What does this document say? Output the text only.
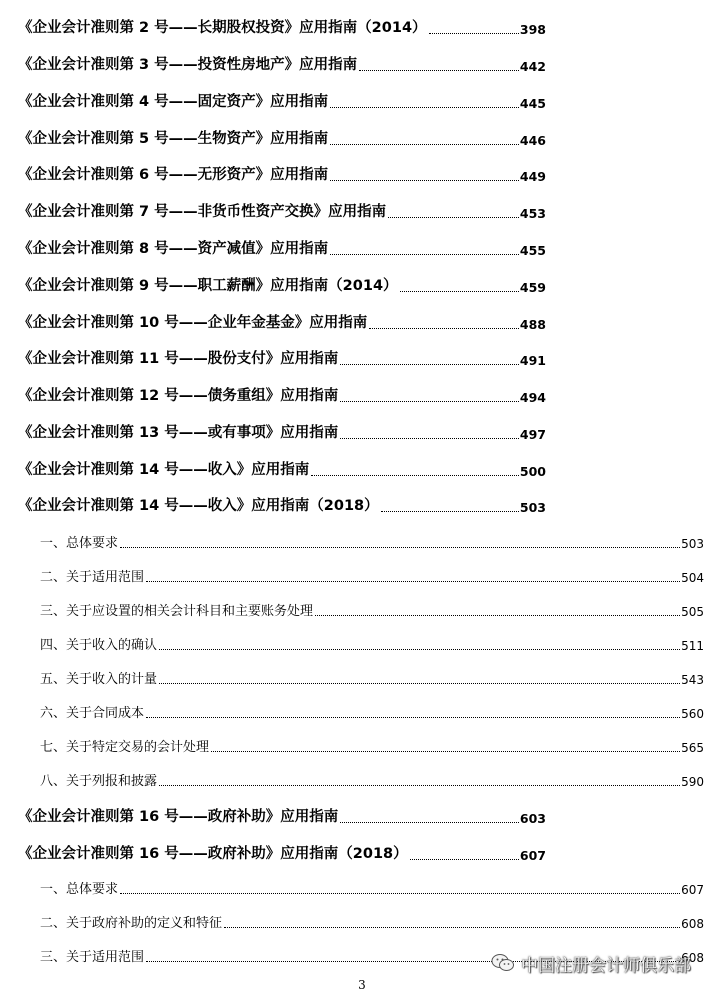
《企业会计准则第 2 号——长期股权投资》应用指南（2014）	398
《企业会计准则第 3 号——投资性房地产》应用指南	442
《企业会计准则第 4 号——固定资产》应用指南	445
《企业会计准则第 5 号——生物资产》应用指南	446
《企业会计准则第 6 号——无形资产》应用指南	449
《企业会计准则第 7 号——非货币性资产交换》应用指南	453
《企业会计准则第 8 号——资产减值》应用指南	455
《企业会计准则第 9 号——职工薪酬》应用指南（2014）	459
《企业会计准则第 10 号——企业年金基金》应用指南	488
《企业会计准则第 11 号——股份支付》应用指南	491
《企业会计准则第 12 号——债务重组》应用指南	494
《企业会计准则第 13 号——或有事项》应用指南	497
《企业会计准则第 14 号——收入》应用指南	500
《企业会计准则第 14 号——收入》应用指南（2018）	503
一、总体要求	503
二、关于适用范围	504
三、关于应设置的相关会计科目和主要账务处理	505
四、关于收入的确认	511
五、关于收入的计量	543
六、关于合同成本	560
七、关于特定交易的会计处理	565
八、关于列报和披露	590
《企业会计准则第 16 号——政府补助》应用指南	603
《企业会计准则第 16 号——政府补助》应用指南（2018）	607
一、总体要求	607
二、关于政府补助的定义和特征	608
三、关于适用范围	608
中国注册会计师俱乐部
3
